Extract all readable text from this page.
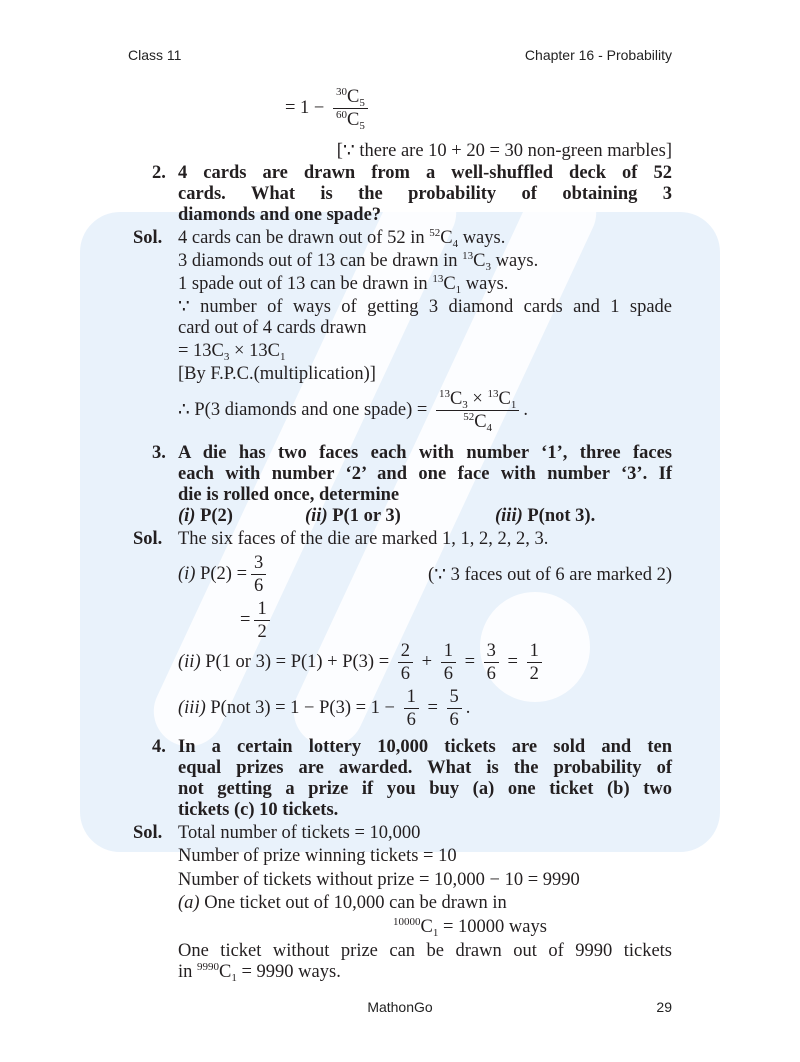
Class 11	Chapter 16 - Probability
= $1 - \frac{^{30}C_5}{^{60}C_5}$
[∵ there are 10 + 20 = 30 non-green marbles]
2. 4 cards are drawn from a well-shuffled deck of 52
cards. What is the probability of obtaining 3
diamonds and one spade?
Sol. 4 cards can be drawn out of 52 in $^{52}C_4$ ways.
3 diamonds out of 13 can be drawn in $^{13}C_3$ ways.
1 spade out of 13 can be drawn in $^{13}C_1$ ways.
∵ number of ways of getting 3 diamond cards and 1 spade
card out of 4 cards drawn
= $13C_3 \times 13C_1$
[By F.P.C.(multiplication)]
∴ P(3 diamonds and one spade) = $\frac{^{13}C_3 \times ^{13}C_1}{^{52}C_4}$ .
3. A die has two faces each with number ‘1’, three faces
each with number ‘2’ and one face with number ‘3’. If
die is rolled once, determine
(i) P(2)	(ii) P(1 or 3)	(iii) P(not 3).
Sol. The six faces of the die are marked 1, 1, 2, 2, 2, 3.
(i) $P(2) = \frac{3}{6}$	(∵ 3 faces out of 6 are marked 2)
= $\frac{1}{2}$
(ii) P(1 or $3) = P(1) + P(3) = \frac{2}{6} + \frac{1}{6} = \frac{3}{6} = \frac{1}{2}$
(iii) P(not $3) = 1 - P(3) = 1 - \frac{1}{6} = \frac{5}{6}$ .
4. In a certain lottery 10,000 tickets are sold and ten
equal prizes are awarded. What is the probability of
not getting a prize if you buy (a) one ticket (b) two
tickets (c) 10 tickets.
Sol. Total number of tickets = 10,000
Number of prize winning tickets = 10
Number of tickets without prize = 10,000 − 10 = 9990
(a) One ticket out of 10,000 can be drawn in
$^{10000}C_1 = 10000$ ways
One ticket without prize can be drawn out of 9990 tickets
in $^{9990}C_1 = 9990$ ways.
MathonGo	29
